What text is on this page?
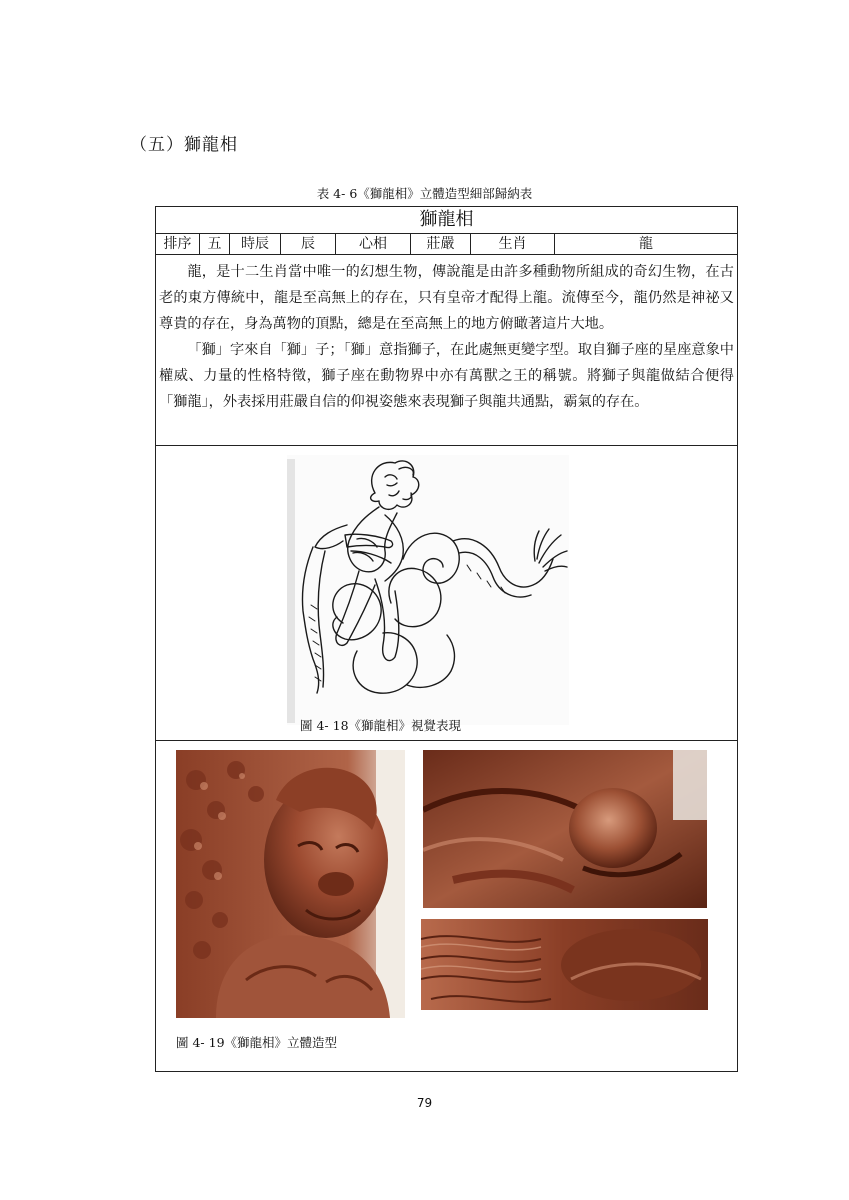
（五）獅龍相
表 4- 6《獅龍相》立體造型細部歸納表
獅龍相
排序	五	時辰	辰	心相	莊嚴	生肖	龍

龍，是十二生肖當中唯一的幻想生物，傳說龍是由許多種動物所組成的奇幻生物，在古老的東方傳統中，龍是至高無上的存在，只有皇帝才配得上龍。流傳至今，龍仍然是神祕又尊貴的存在，身為萬物的頂點，總是在至高無上的地方俯瞰著這片大地。

「獅」字來自「獅」子；「獅」意指獅子，在此處無更變字型。取自獅子座的星座意象中權威、力量的性格特徵，獅子座在動物界中亦有萬獸之王的稱號。將獅子與龍做結合便得「獅龍」，外表採用莊嚴自信的仰視姿態來表現獅子與龍共通點，霸氣的存在。

圖 4- 18《獅龍相》視覺表現
圖 4- 19《獅龍相》立體造型
79
